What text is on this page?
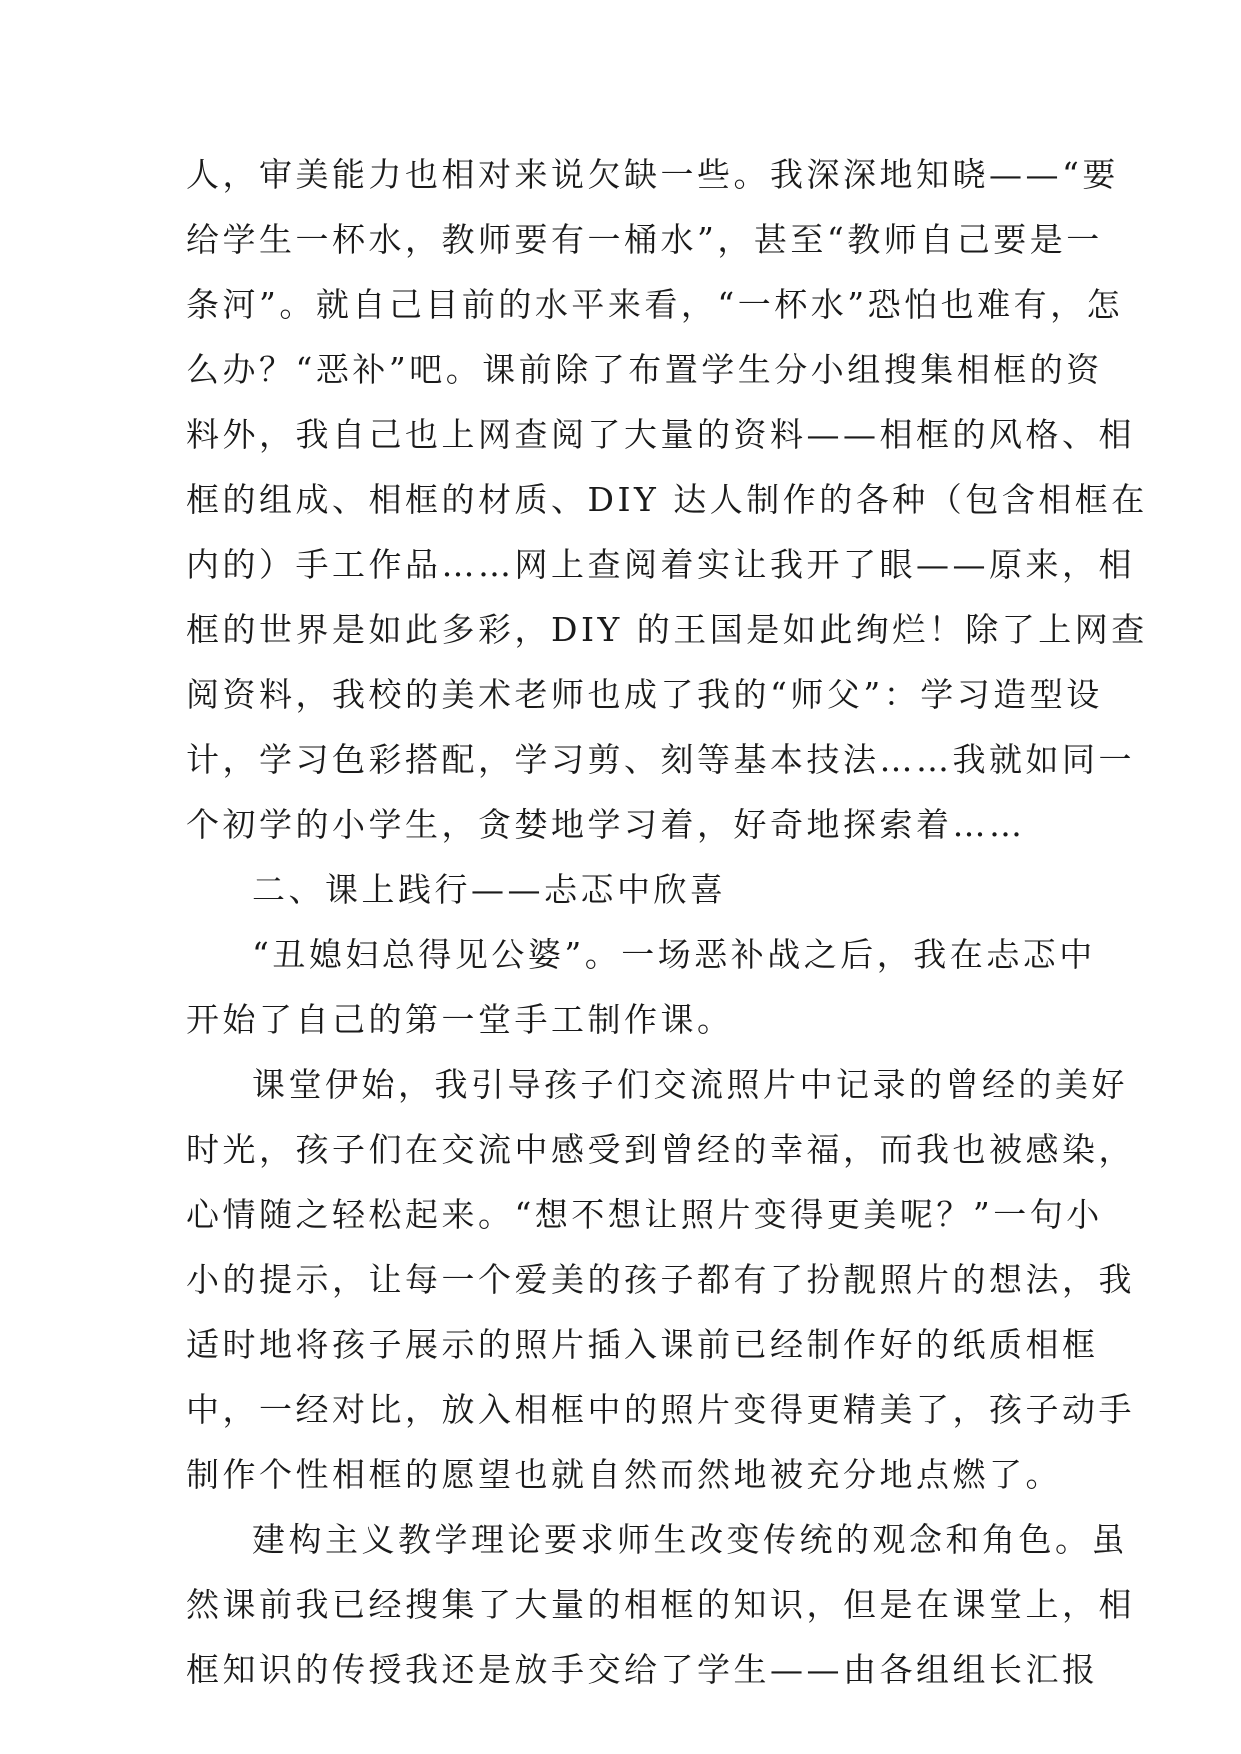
人，审美能力也相对来说欠缺一些。我深深地知晓——“要
给学生一杯水，教师要有一桶水”，甚至“教师自己要是一
条河”。就自己目前的水平来看，“一杯水”恐怕也难有，怎
么办？“恶补”吧。课前除了布置学生分小组搜集相框的资
料外，我自己也上网查阅了大量的资料——相框的风格、相
框的组成、相框的材质、DIY 达人制作的各种（包含相框在
内的）手工作品……网上查阅着实让我开了眼——原来，相
框的世界是如此多彩，DIY 的王国是如此绚烂！除了上网查
阅资料，我校的美术老师也成了我的“师父”：学习造型设
计，学习色彩搭配，学习剪、刻等基本技法……我就如同一
个初学的小学生，贪婪地学习着，好奇地探索着……
二、课上践行——忐忑中欣喜
“丑媳妇总得见公婆”。一场恶补战之后，我在忐忑中
开始了自己的第一堂手工制作课。
课堂伊始，我引导孩子们交流照片中记录的曾经的美好
时光，孩子们在交流中感受到曾经的幸福，而我也被感染，
心情随之轻松起来。“想不想让照片变得更美呢？”一句小
小的提示，让每一个爱美的孩子都有了扮靓照片的想法，我
适时地将孩子展示的照片插入课前已经制作好的纸质相框
中，一经对比，放入相框中的照片变得更精美了，孩子动手
制作个性相框的愿望也就自然而然地被充分地点燃了。
建构主义教学理论要求师生改变传统的观念和角色。虽
然课前我已经搜集了大量的相框的知识，但是在课堂上，相
框知识的传授我还是放手交给了学生——由各组组长汇报
